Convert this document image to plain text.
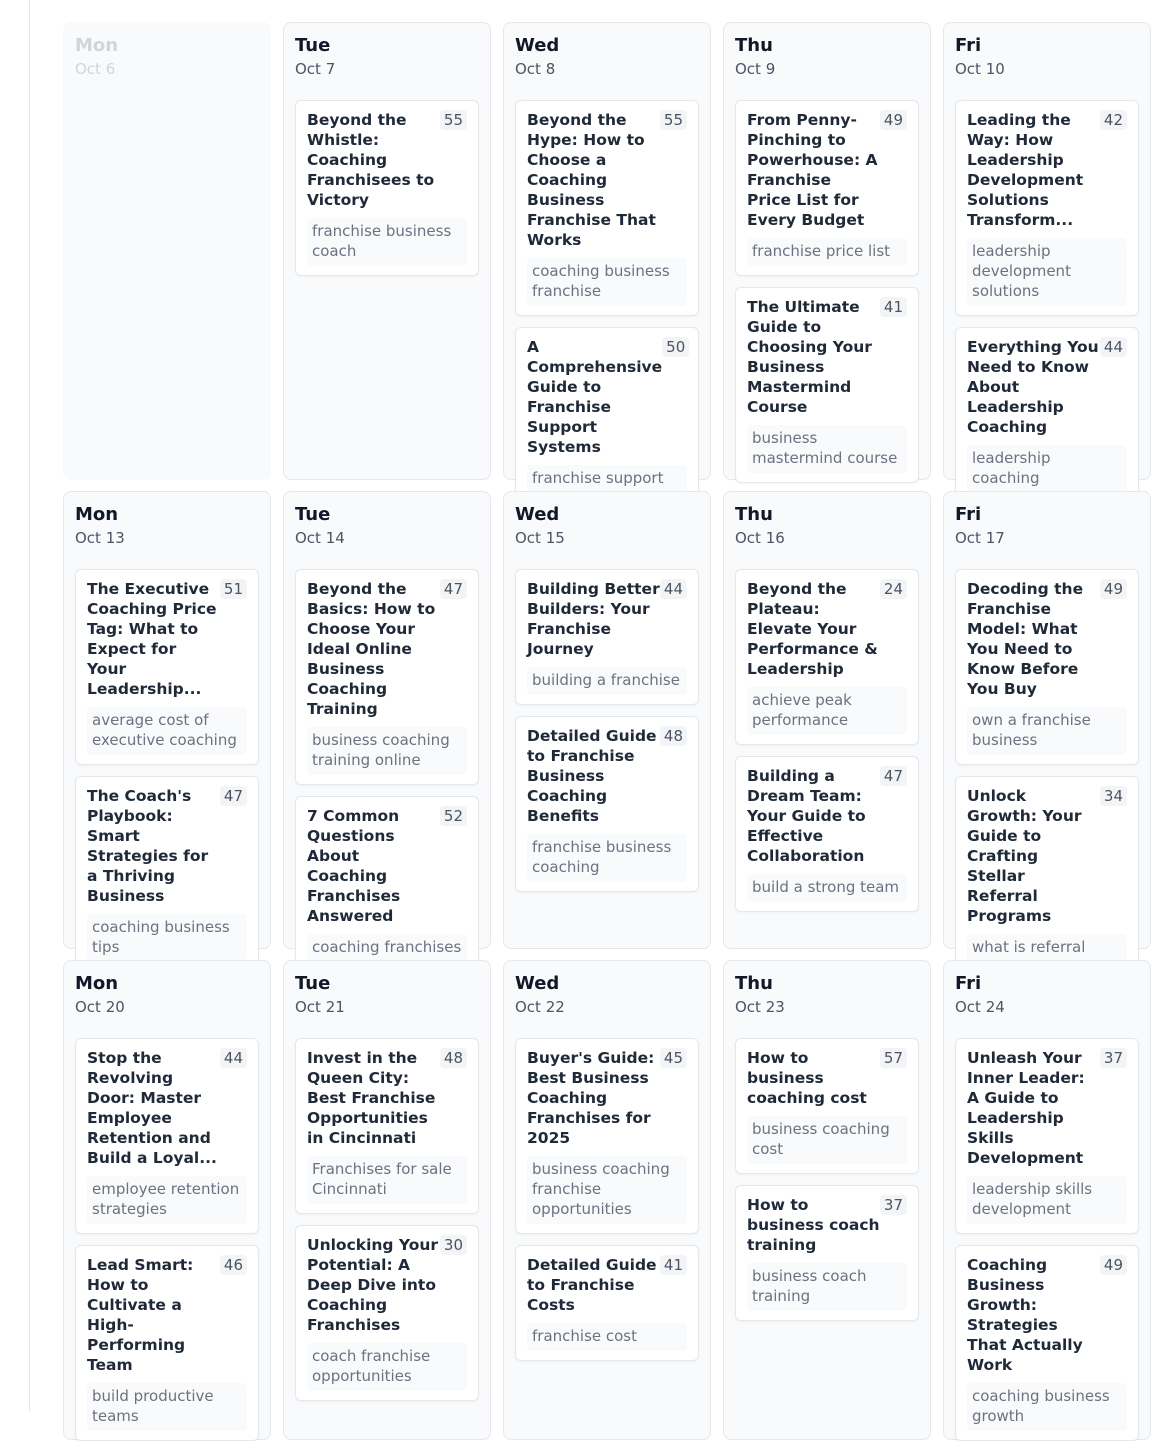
Mon
Oct 6
Tue
Oct 7
Beyond the Whistle: Coaching Franchisees to Victory
55
franchise business coach
Wed
Oct 8
Beyond the Hype: How to Choose a Coaching Business Franchise That Works
55
coaching business franchise
A Comprehensive Guide to Franchise Support Systems
50
franchise support
Thu
Oct 9
From Penny-Pinching to Powerhouse: A Franchise Price List for Every Budget
49
franchise price list
The Ultimate Guide to Choosing Your Business Mastermind Course
41
business mastermind course
Fri
Oct 10
Leading the Way: How Leadership Development Solutions Transform...
42
leadership development solutions
Everything You Need to Know About Leadership Coaching
44
leadership coaching
Mon
Oct 13
The Executive Coaching Price Tag: What to Expect for Your Leadership...
51
average cost of executive coaching
The Coach's Playbook: Smart Strategies for a Thriving Business
47
coaching business tips
Tue
Oct 14
Beyond the Basics: How to Choose Your Ideal Online Business Coaching Training
47
business coaching training online
7 Common Questions About Coaching Franchises Answered
52
coaching franchises
Wed
Oct 15
Building Better Builders: Your Franchise Journey
44
building a franchise
Detailed Guide to Franchise Business Coaching Benefits
48
franchise business coaching
Thu
Oct 16
Beyond the Plateau: Elevate Your Performance & Leadership
24
achieve peak performance
Building a Dream Team: Your Guide to Effective Collaboration
47
build a strong team
Fri
Oct 17
Decoding the Franchise Model: What You Need to Know Before You Buy
49
own a franchise business
Unlock Growth: Your Guide to Crafting Stellar Referral Programs
34
what is referral
Mon
Oct 20
Stop the Revolving Door: Master Employee Retention and Build a Loyal...
44
employee retention strategies
Lead Smart: How to Cultivate a High-Performing Team
46
build productive teams
Tue
Oct 21
Invest in the Queen City: Best Franchise Opportunities in Cincinnati
48
Franchises for sale Cincinnati
Unlocking Your Potential: A Deep Dive into Coaching Franchises
30
coach franchise opportunities
Wed
Oct 22
Buyer's Guide: Best Business Coaching Franchises for 2025
45
business coaching franchise opportunities
Detailed Guide to Franchise Costs
41
franchise cost
Thu
Oct 23
How to business coaching cost
57
business coaching cost
How to business coach training
37
business coach training
Fri
Oct 24
Unleash Your Inner Leader: A Guide to Leadership Skills Development
37
leadership skills development
Coaching Business Growth: Strategies That Actually Work
49
coaching business growth
